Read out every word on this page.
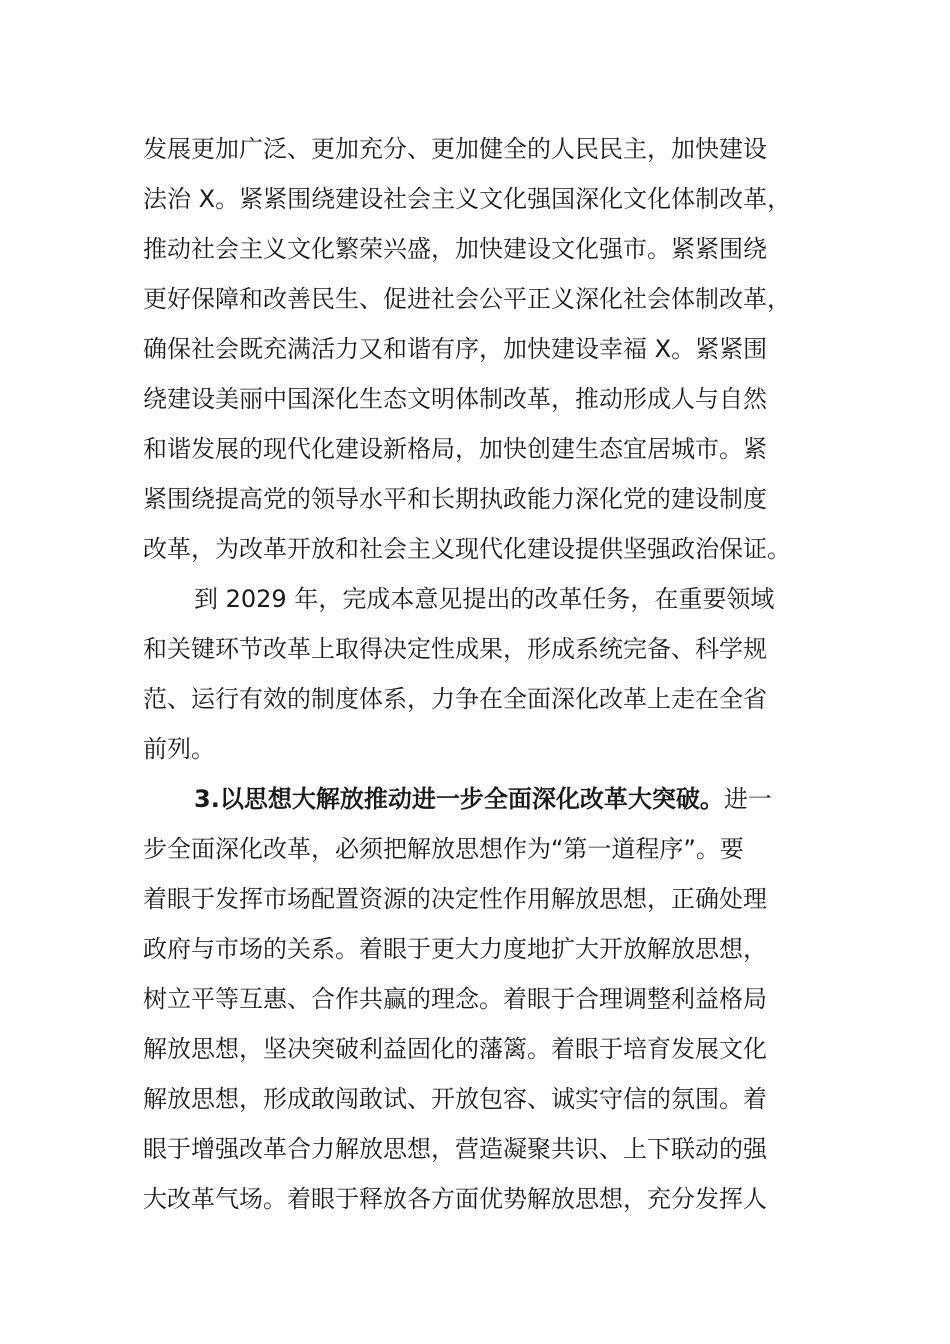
发展更加广泛、更加充分、更加健全的人民民主，加快建设
法治 X。紧紧围绕建设社会主义文化强国深化文化体制改革，
推动社会主义文化繁荣兴盛，加快建设文化强市。紧紧围绕
更好保障和改善民生、促进社会公平正义深化社会体制改革，
确保社会既充满活力又和谐有序，加快建设幸福 X。紧紧围
绕建设美丽中国深化生态文明体制改革，推动形成人与自然
和谐发展的现代化建设新格局，加快创建生态宜居城市。紧
紧围绕提高党的领导水平和长期执政能力深化党的建设制度
改革，为改革开放和社会主义现代化建设提供坚强政治保证。
到 2029 年，完成本意见提出的改革任务，在重要领域
和关键环节改革上取得决定性成果，形成系统完备、科学规
范、运行有效的制度体系，力争在全面深化改革上走在全省
前列。
3.以思想大解放推动进一步全面深化改革大突破。进一
步全面深化改革，必须把解放思想作为“第一道程序”。要
着眼于发挥市场配置资源的决定性作用解放思想，正确处理
政府与市场的关系。着眼于更大力度地扩大开放解放思想，
树立平等互惠、合作共赢的理念。着眼于合理调整利益格局
解放思想，坚决突破利益固化的藩篱。着眼于培育发展文化
解放思想，形成敢闯敢试、开放包容、诚实守信的氛围。着
眼于增强改革合力解放思想，营造凝聚共识、上下联动的强
大改革气场。着眼于释放各方面优势解放思想，充分发挥人
